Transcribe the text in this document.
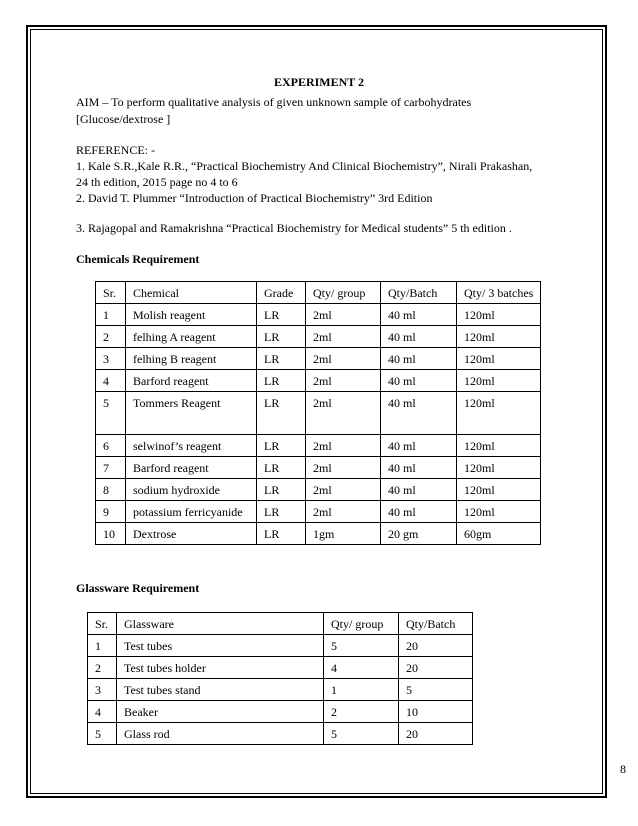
EXPERIMENT 2
AIM – To perform qualitative analysis of given unknown sample of carbohydrates
[Glucose/dextrose ]
REFERENCE: -
1. Kale S.R.,Kale R.R., “Practical Biochemistry And Clinical Biochemistry”, Nirali Prakashan,
24 th edition, 2015 page no 4 to 6
2. David T. Plummer “Introduction of Practical Biochemistry” 3rd Edition
3. Rajagopal and Ramakrishna “Practical Biochemistry for Medical students” 5 th edition .
Chemicals Requirement
Sr.	Chemical	Grade	Qty/ group	Qty/Batch	Qty/ 3 batches
1	Molish reagent	LR	2ml	40 ml	120ml
2	felhing A reagent	LR	2ml	40 ml	120ml
3	felhing B reagent	LR	2ml	40 ml	120ml
4	Barford reagent	LR	2ml	40 ml	120ml
5	Tommers Reagent	LR	2ml	40 ml	120ml
6	selwinof’s reagent	LR	2ml	40 ml	120ml
7	Barford reagent	LR	2ml	40 ml	120ml
8	sodium hydroxide	LR	2ml	40 ml	120ml
9	potassium ferricyanide	LR	2ml	40 ml	120ml
10	Dextrose	LR	1gm	20 gm	60gm
Glassware Requirement
Sr.	Glassware	Qty/ group	Qty/Batch
1	Test tubes	5	20
2	Test tubes holder	4	20
3	Test tubes stand	1	5
4	Beaker	2	10
5	Glass rod	5	20
8
